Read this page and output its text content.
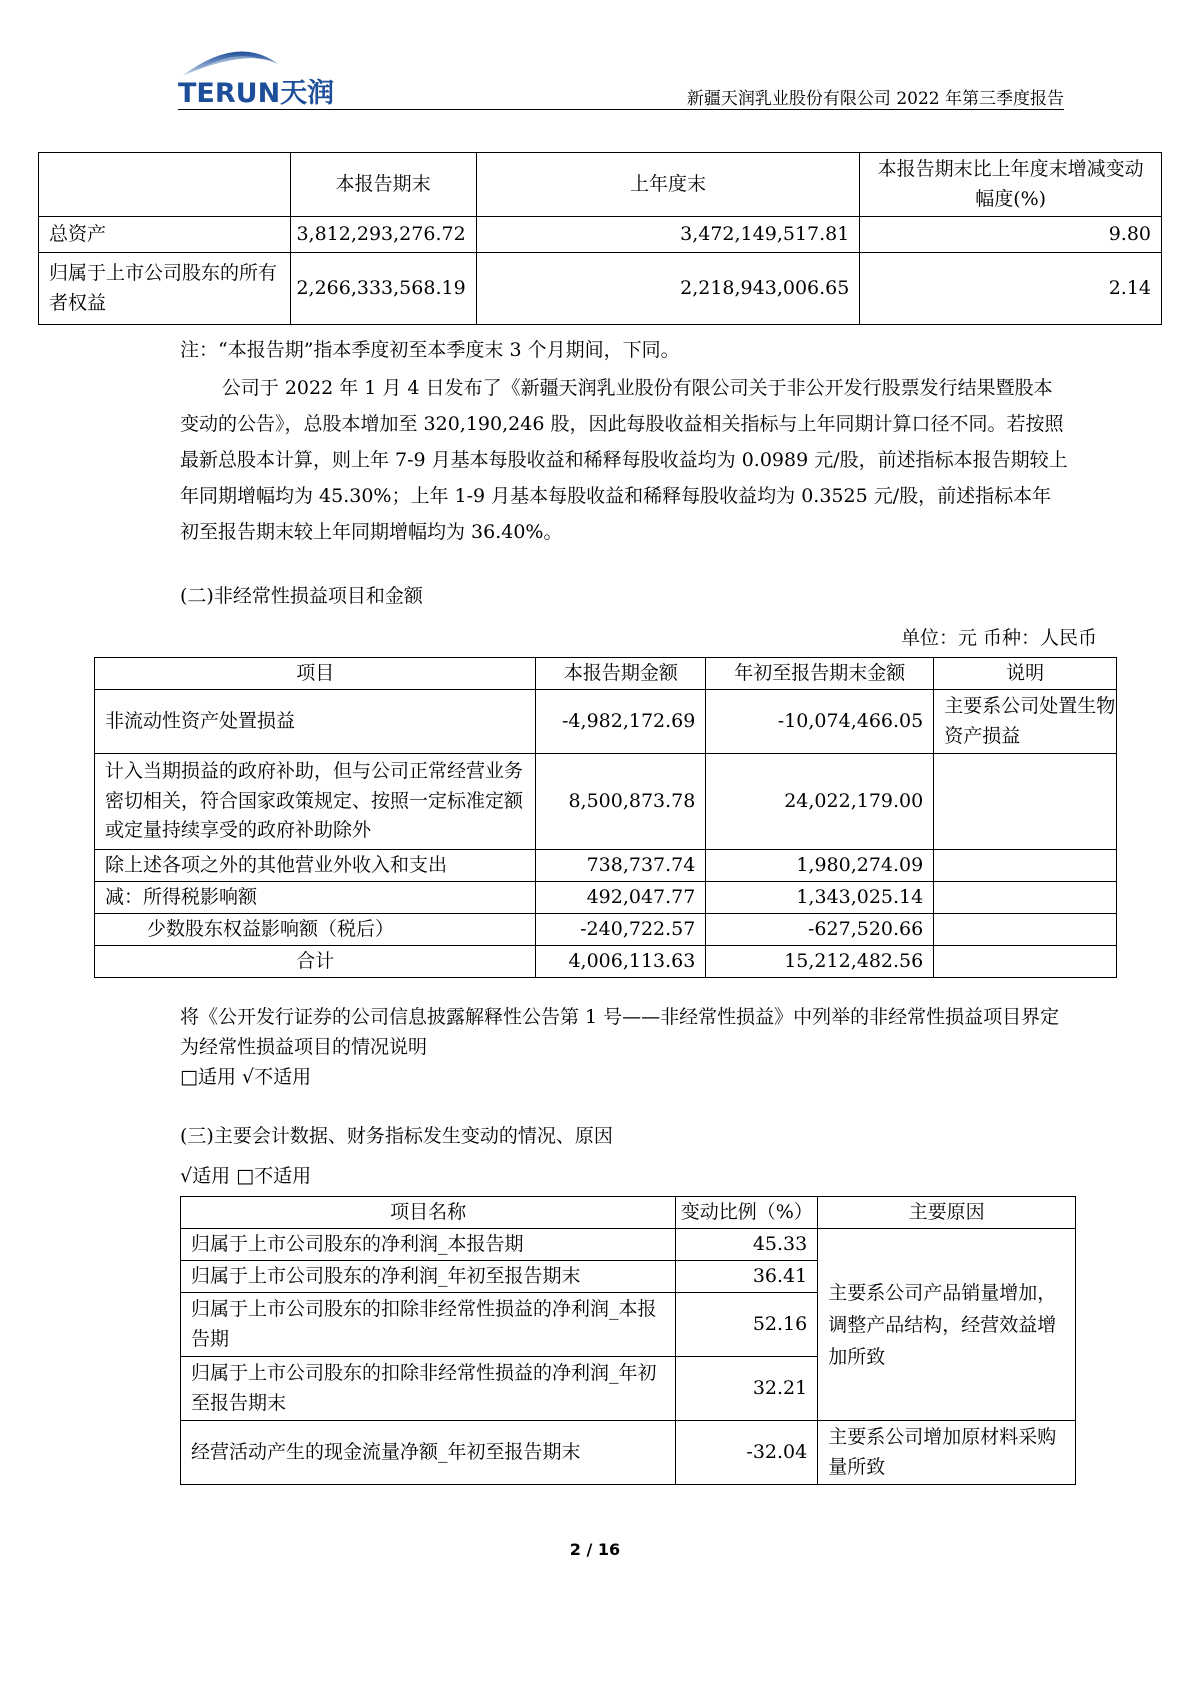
TERUN天润	新疆天润乳业股份有限公司 2022 年第三季度报告
	本报告期末	上年度末	本报告期末比上年度末增减变动幅度(%)
总资产	3,812,293,276.72	3,472,149,517.81	9.80
归属于上市公司股东的所有者权益	2,266,333,568.19	2,218,943,006.65	2.14
注：“本报告期”指本季度初至本季度末 3 个月期间，下同。
公司于 2022 年 1 月 4 日发布了《新疆天润乳业股份有限公司关于非公开发行股票发行结果暨股本变动的公告》，总股本增加至 320,190,246 股，因此每股收益相关指标与上年同期计算口径不同。若按照最新总股本计算，则上年 7-9 月基本每股收益和稀释每股收益均为 0.0989 元/股，前述指标本报告期较上年同期增幅均为 45.30%；上年 1-9 月基本每股收益和稀释每股收益均为 0.3525 元/股，前述指标本年初至报告期末较上年同期增幅均为 36.40%。
(二)非经常性损益项目和金额
单位：元 币种：人民币
项目	本报告期金额	年初至报告期末金额	说明
非流动性资产处置损益	-4,982,172.69	-10,074,466.05	主要系公司处置生物资产损益
计入当期损益的政府补助，但与公司正常经营业务密切相关，符合国家政策规定、按照一定标准定额或定量持续享受的政府补助除外	8,500,873.78	24,022,179.00	
除上述各项之外的其他营业外收入和支出	738,737.74	1,980,274.09	
减：所得税影响额	492,047.77	1,343,025.14	
少数股东权益影响额（税后）	-240,722.57	-627,520.66	
合计	4,006,113.63	15,212,482.56	
将《公开发行证券的公司信息披露解释性公告第 1 号——非经常性损益》中列举的非经常性损益项目界定为经常性损益项目的情况说明
□适用 √不适用
(三)主要会计数据、财务指标发生变动的情况、原因
√适用 □不适用
项目名称	变动比例（%）	主要原因
归属于上市公司股东的净利润_本报告期	45.33	主要系公司产品销量增加，调整产品结构，经营效益增加所致
归属于上市公司股东的净利润_年初至报告期末	36.41	
归属于上市公司股东的扣除非经常性损益的净利润_本报告期	52.16	
归属于上市公司股东的扣除非经常性损益的净利润_年初至报告期末	32.21	
经营活动产生的现金流量净额_年初至报告期末	-32.04	主要系公司增加原材料采购量所致
2 / 16
